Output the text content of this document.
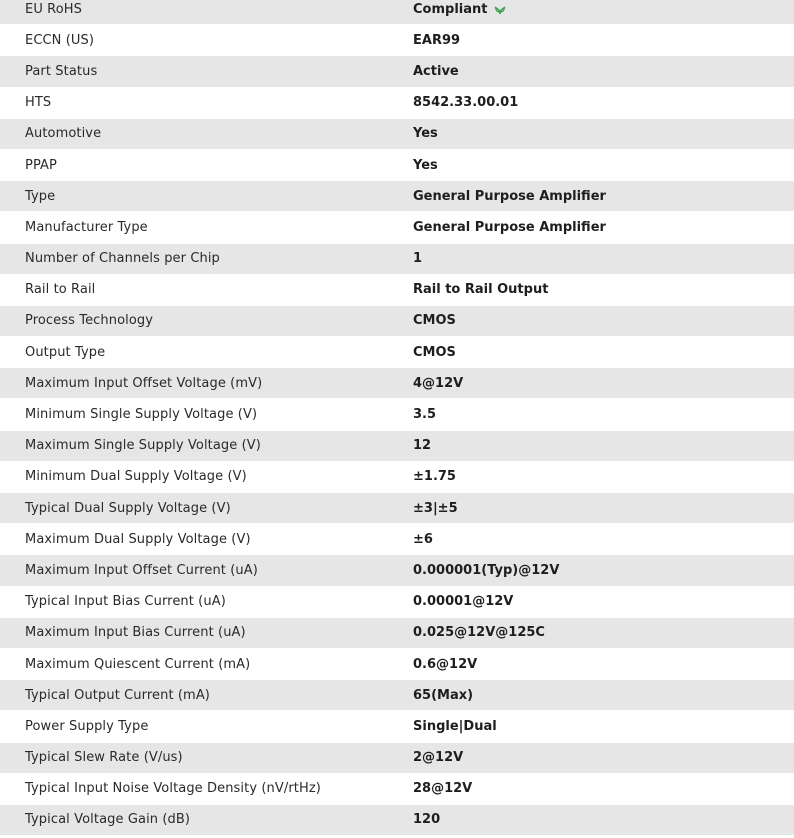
EU RoHS	Compliant
ECCN (US)	EAR99
Part Status	Active
HTS	8542.33.00.01
Automotive	Yes
PPAP	Yes
Type	General Purpose Amplifier
Manufacturer Type	General Purpose Amplifier
Number of Channels per Chip	1
Rail to Rail	Rail to Rail Output
Process Technology	CMOS
Output Type	CMOS
Maximum Input Offset Voltage (mV)	4@12V
Minimum Single Supply Voltage (V)	3.5
Maximum Single Supply Voltage (V)	12
Minimum Dual Supply Voltage (V)	±1.75
Typical Dual Supply Voltage (V)	±3|±5
Maximum Dual Supply Voltage (V)	±6
Maximum Input Offset Current (uA)	0.000001(Typ)@12V
Typical Input Bias Current (uA)	0.00001@12V
Maximum Input Bias Current (uA)	0.025@12V@125C
Maximum Quiescent Current (mA)	0.6@12V
Typical Output Current (mA)	65(Max)
Power Supply Type	Single|Dual
Typical Slew Rate (V/us)	2@12V
Typical Input Noise Voltage Density (nV/rtHz)	28@12V
Typical Voltage Gain (dB)	120
